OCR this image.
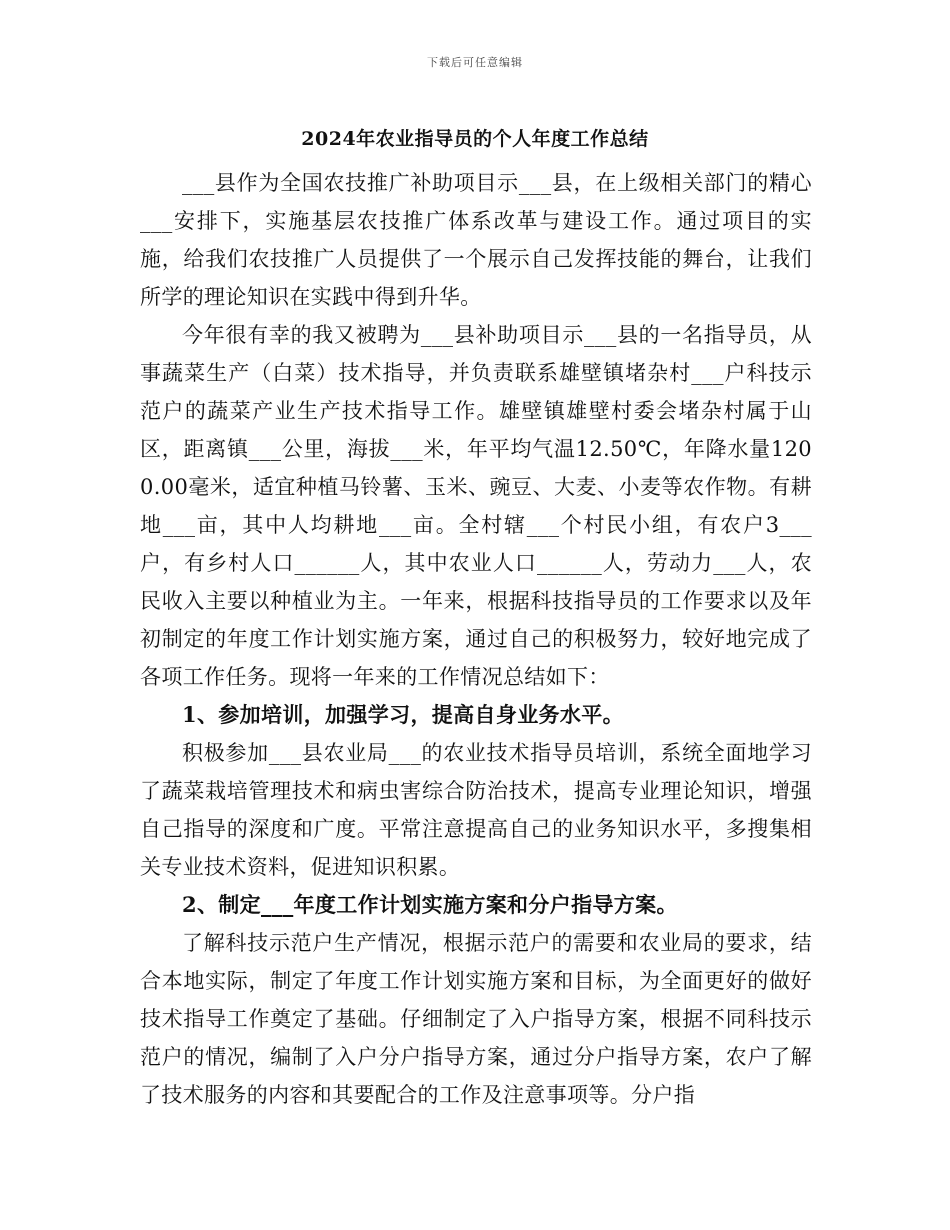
下载后可任意编辑
2024年农业指导员的个人年度工作总结

___县作为全国农技推广补助项目示___县，在上级相关部门的精心___安排下，实施基层农技推广体系改革与建设工作。通过项目的实施，给我们农技推广人员提供了一个展示自己发挥技能的舞台，让我们所学的理论知识在实践中得到升华。

今年很有幸的我又被聘为___县补助项目示___县的一名指导员，从事蔬菜生产（白菜）技术指导，并负责联系雄壁镇堵杂村___户科技示范户的蔬菜产业生产技术指导工作。雄壁镇雄壁村委会堵杂村属于山区，距离镇___公里，海拔___米，年平均气温12.50℃，年降水量1200.00毫米，适宜种植马铃薯、玉米、豌豆、大麦、小麦等农作物。有耕地___亩，其中人均耕地___亩。全村辖___个村民小组，有农户3___户，有乡村人口______人，其中农业人口______人，劳动力___人，农民收入主要以种植业为主。一年来，根据科技指导员的工作要求以及年初制定的年度工作计划实施方案，通过自己的积极努力，较好地完成了各项工作任务。现将一年来的工作情况总结如下：

1、参加培训，加强学习，提高自身业务水平。

积极参加___县农业局___的农业技术指导员培训，系统全面地学习了蔬菜栽培管理技术和病虫害综合防治技术，提高专业理论知识，增强自己指导的深度和广度。平常注意提高自己的业务知识水平，多搜集相关专业技术资料，促进知识积累。

2、制定___年度工作计划实施方案和分户指导方案。

了解科技示范户生产情况，根据示范户的需要和农业局的要求，结合本地实际，制定了年度工作计划实施方案和目标，为全面更好的做好技术指导工作奠定了基础。仔细制定了入户指导方案，根据不同科技示范户的情况，编制了入户分户指导方案，通过分户指导方案，农户了解了技术服务的内容和其要配合的工作及注意事项等。分户指
